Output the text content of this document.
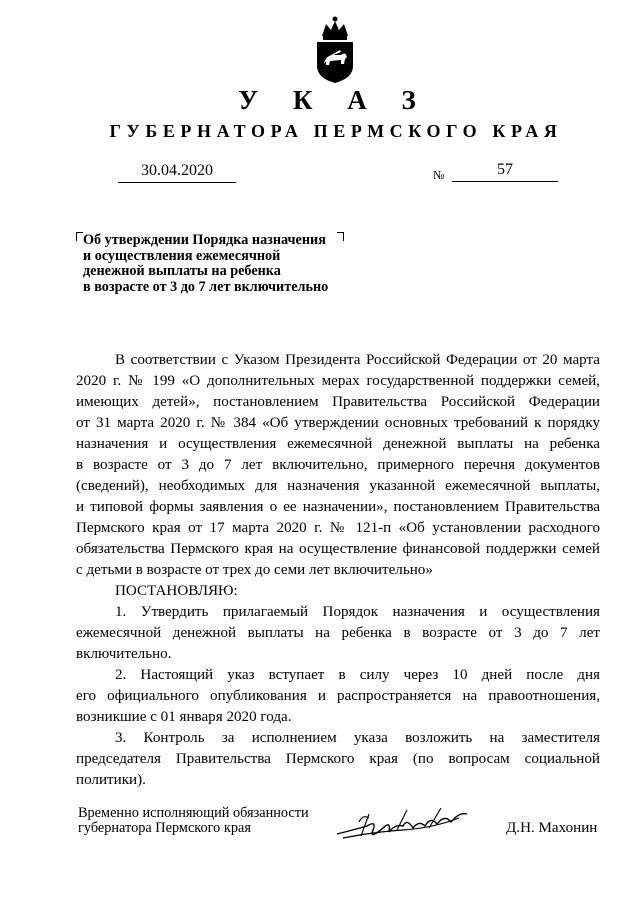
У К А З
ГУБЕРНАТОРА ПЕРМСКОГО КРАЯ
30.04.2020	№	57
Об утверждении Порядка назначения
и осуществления ежемесячной
денежной выплаты на ребенка
в возрасте от 3 до 7 лет включительно
В соответствии с Указом Президента Российской Федерации от 20 марта
2020 г. № 199 «О дополнительных мерах государственной поддержки семей,
имеющих детей», постановлением Правительства Российской Федерации
от 31 марта 2020 г. № 384 «Об утверждении основных требований к порядку
назначения и осуществления ежемесячной денежной выплаты на ребенка
в возрасте от 3 до 7 лет включительно, примерного перечня документов
(сведений), необходимых для назначения указанной ежемесячной выплаты,
и типовой формы заявления о ее назначении», постановлением Правительства
Пермского края от 17 марта 2020 г. № 121-п «Об установлении расходного
обязательства Пермского края на осуществление финансовой поддержки семей
с детьми в возрасте от трех до семи лет включительно»
ПОСТАНОВЛЯЮ:
1. Утвердить прилагаемый Порядок назначения и осуществления
ежемесячной денежной выплаты на ребенка в возрасте от 3 до 7 лет
включительно.
2. Настоящий указ вступает в силу через 10 дней после дня
его официального опубликования и распространяется на правоотношения,
возникшие с 01 января 2020 года.
3. Контроль за исполнением указа возложить на заместителя
председателя Правительства Пермского края (по вопросам социальной
политики).
Временно исполняющий обязанности
губернатора Пермского края	Д.Н. Махонин
